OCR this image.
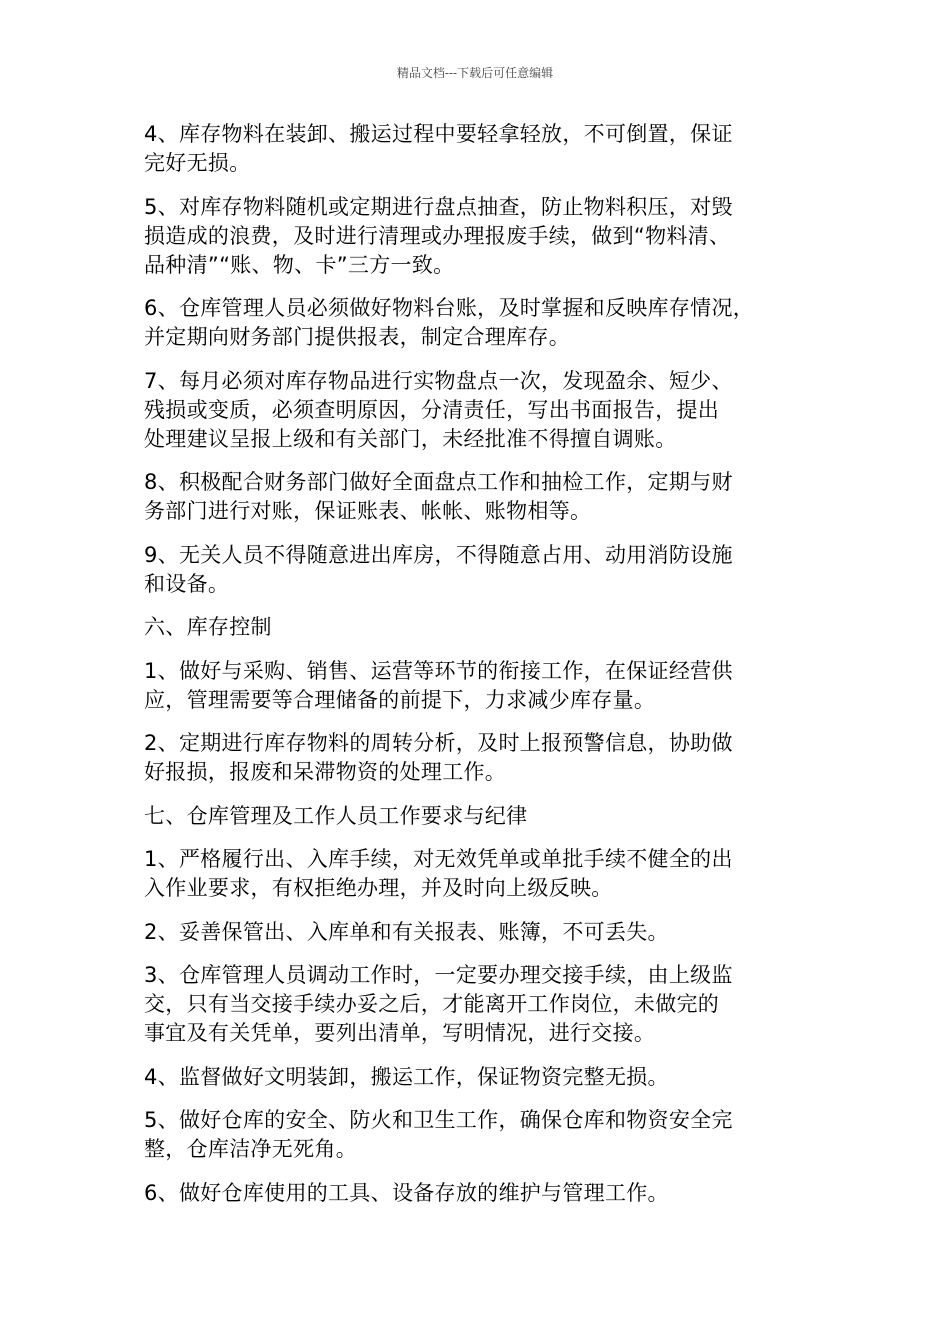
精品文档---下载后可任意编辑

4、库存物料在装卸、搬运过程中要轻拿轻放，不可倒置，保证
完好无损。

5、对库存物料随机或定期进行盘点抽查，防止物料积压，对毁
损造成的浪费，及时进行清理或办理报废手续，做到“物料清、
品种清”“账、物、卡”三方一致。

6、仓库管理人员必须做好物料台账，及时掌握和反映库存情况，
并定期向财务部门提供报表，制定合理库存。

7、每月必须对库存物品进行实物盘点一次，发现盈余、短少、
残损或变质，必须查明原因，分清责任，写出书面报告，提出
处理建议呈报上级和有关部门，未经批准不得擅自调账。

8、积极配合财务部门做好全面盘点工作和抽检工作，定期与财
务部门进行对账，保证账表、帐帐、账物相等。

9、无关人员不得随意进出库房，不得随意占用、动用消防设施
和设备。

六、库存控制

1、做好与采购、销售、运营等环节的衔接工作，在保证经营供
应，管理需要等合理储备的前提下，力求减少库存量。

2、定期进行库存物料的周转分析，及时上报预警信息，协助做
好报损，报废和呆滞物资的处理工作。

七、仓库管理及工作人员工作要求与纪律

1、严格履行出、入库手续，对无效凭单或单批手续不健全的出
入作业要求，有权拒绝办理，并及时向上级反映。

2、妥善保管出、入库单和有关报表、账簿，不可丢失。

3、仓库管理人员调动工作时，一定要办理交接手续，由上级监
交，只有当交接手续办妥之后，才能离开工作岗位，未做完的
事宜及有关凭单，要列出清单，写明情况，进行交接。

4、监督做好文明装卸，搬运工作，保证物资完整无损。

5、做好仓库的安全、防火和卫生工作，确保仓库和物资安全完
整，仓库洁净无死角。

6、做好仓库使用的工具、设备存放的维护与管理工作。
